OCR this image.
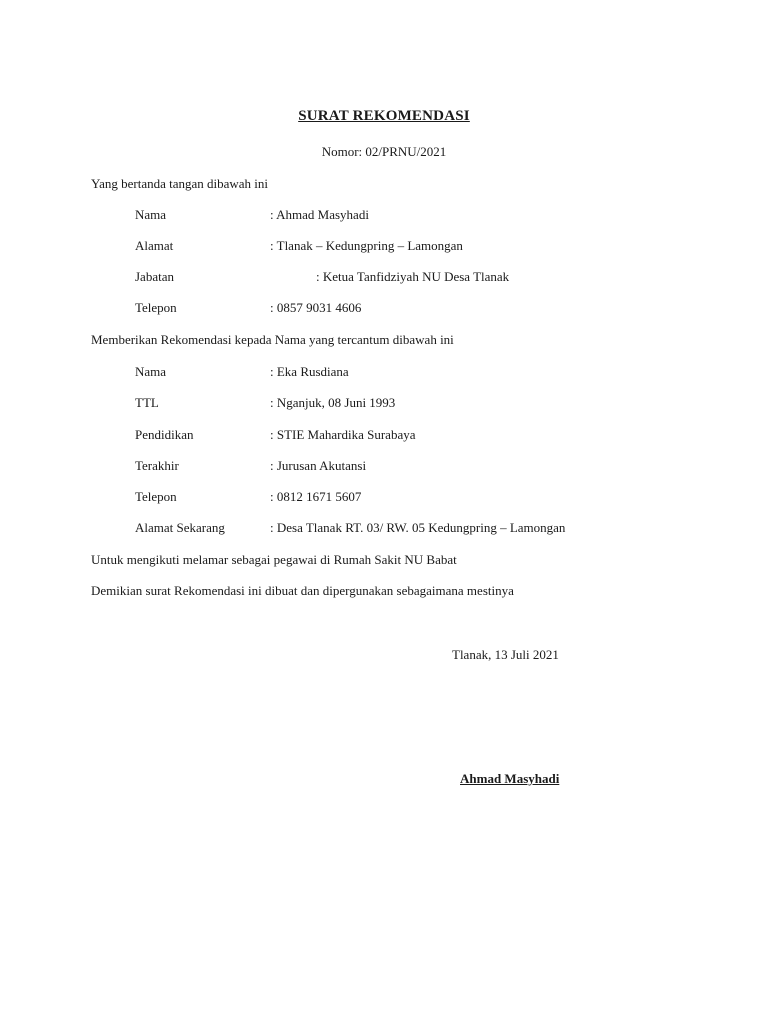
SURAT REKOMENDASI
Nomor: 02/PRNU/2021
Yang bertanda tangan dibawah ini
Nama	: Ahmad Masyhadi
Alamat	: Tlanak – Kedungpring – Lamongan
Jabatan	: Ketua Tanfidziyah NU Desa Tlanak
Telepon	: 0857 9031 4606
Memberikan Rekomendasi kepada Nama yang tercantum dibawah ini
Nama	: Eka Rusdiana
TTL	: Nganjuk, 08 Juni 1993
Pendidikan	: STIE Mahardika Surabaya
Terakhir	: Jurusan Akutansi
Telepon	: 0812 1671 5607
Alamat Sekarang	: Desa Tlanak RT. 03/ RW. 05 Kedungpring – Lamongan
Untuk mengikuti melamar sebagai pegawai di Rumah Sakit NU Babat
Demikian surat Rekomendasi ini dibuat dan dipergunakan sebagaimana mestinya
Tlanak, 13 Juli 2021
Ahmad Masyhadi
